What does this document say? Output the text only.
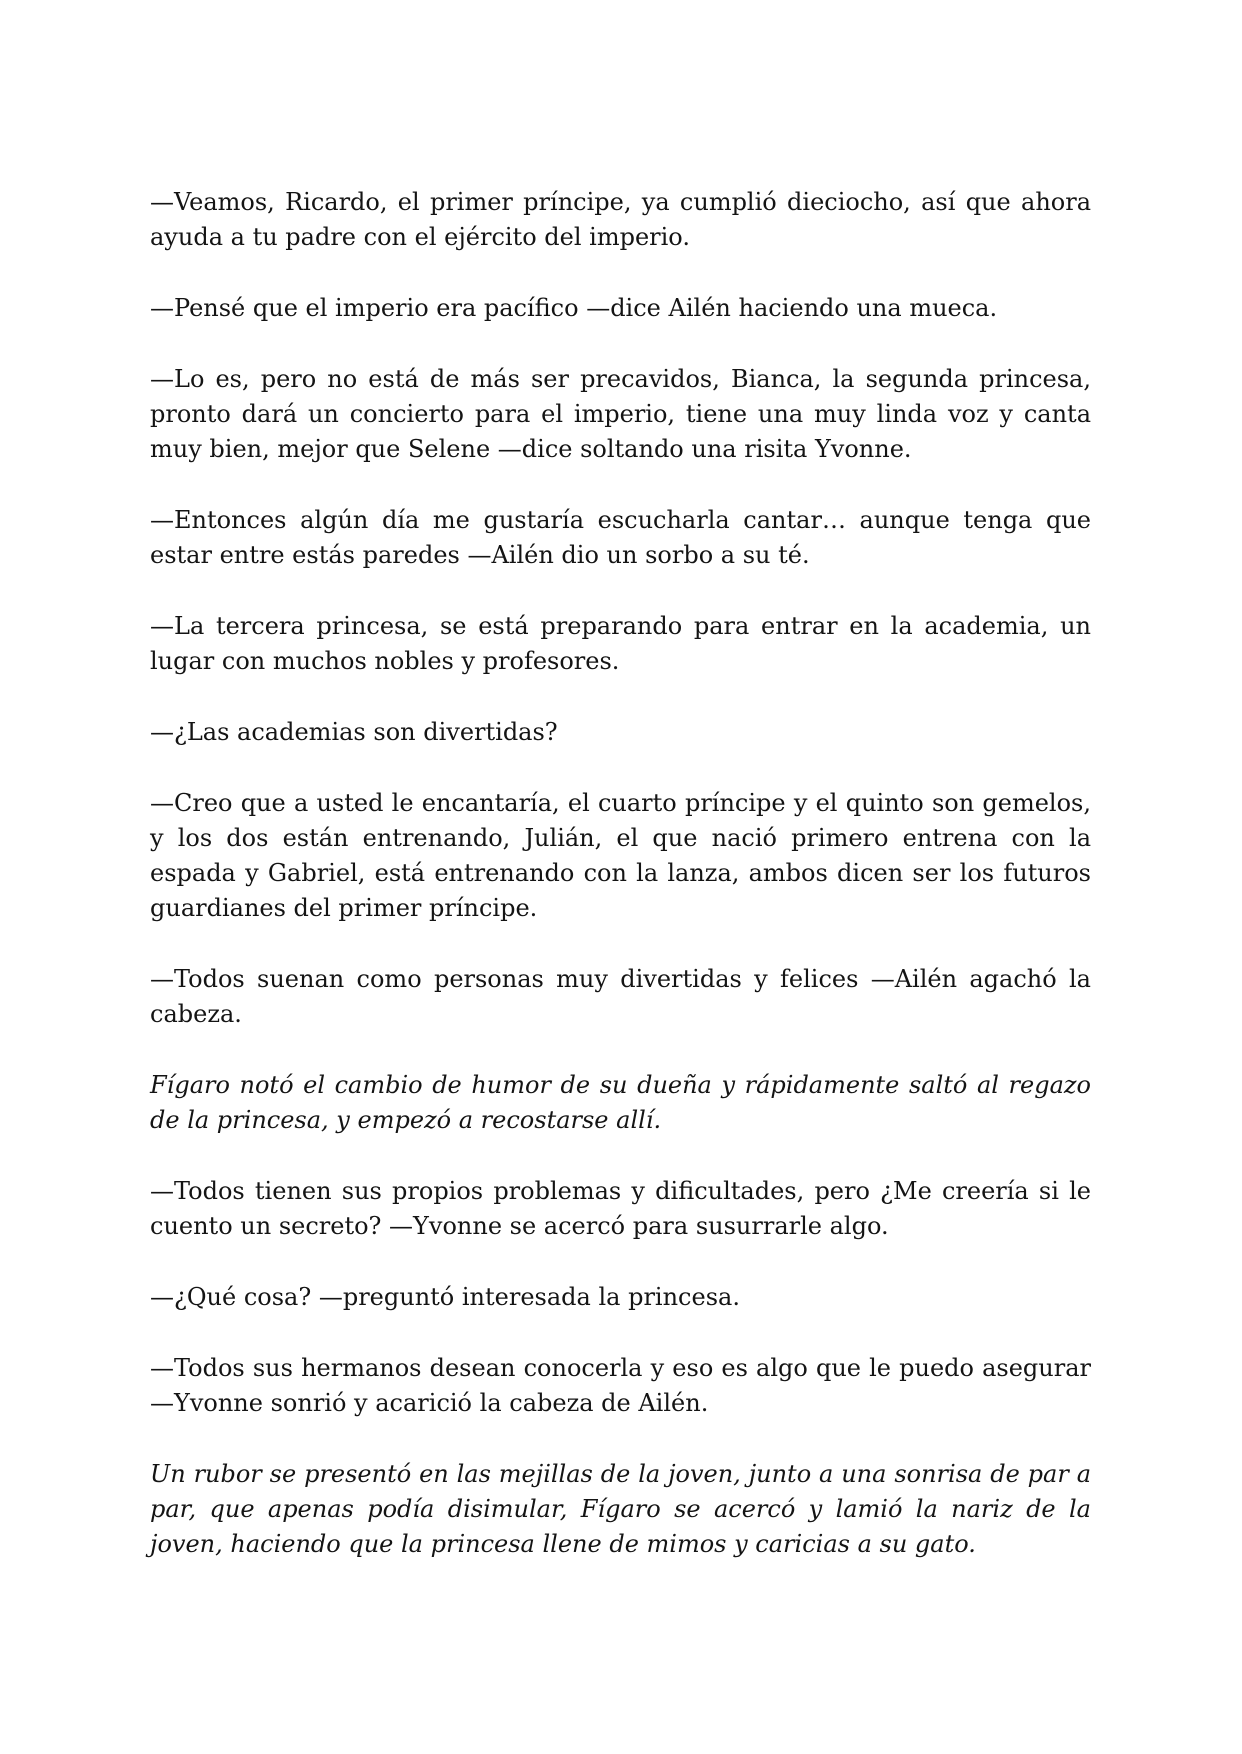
—Veamos, Ricardo, el primer príncipe, ya cumplió dieciocho, así que ahora ayuda a tu padre con el ejército del imperio.

—Pensé que el imperio era pacífico —dice Ailén haciendo una mueca.

—Lo es, pero no está de más ser precavidos, Bianca, la segunda princesa, pronto dará un concierto para el imperio, tiene una muy linda voz y canta muy bien, mejor que Selene —dice soltando una risita Yvonne.

—Entonces algún día me gustaría escucharla cantar… aunque tenga que estar entre estás paredes —Ailén dio un sorbo a su té.

—La tercera princesa, se está preparando para entrar en la academia, un lugar con muchos nobles y profesores.

—¿Las academias son divertidas?

—Creo que a usted le encantaría, el cuarto príncipe y el quinto son gemelos, y los dos están entrenando, Julián, el que nació primero entrena con la espada y Gabriel, está entrenando con la lanza, ambos dicen ser los futuros guardianes del primer príncipe.

—Todos suenan como personas muy divertidas y felices —Ailén agachó la cabeza.

Fígaro notó el cambio de humor de su dueña y rápidamente saltó al regazo de la princesa, y empezó a recostarse allí.

—Todos tienen sus propios problemas y dificultades, pero ¿Me creería si le cuento un secreto? —Yvonne se acercó para susurrarle algo.

—¿Qué cosa? —preguntó interesada la princesa.

—Todos sus hermanos desean conocerla y eso es algo que le puedo asegurar —Yvonne sonrió y acarició la cabeza de Ailén.

Un rubor se presentó en las mejillas de la joven, junto a una sonrisa de par a par, que apenas podía disimular, Fígaro se acercó y lamió la nariz de la joven, haciendo que la princesa llene de mimos y caricias a su gato.
